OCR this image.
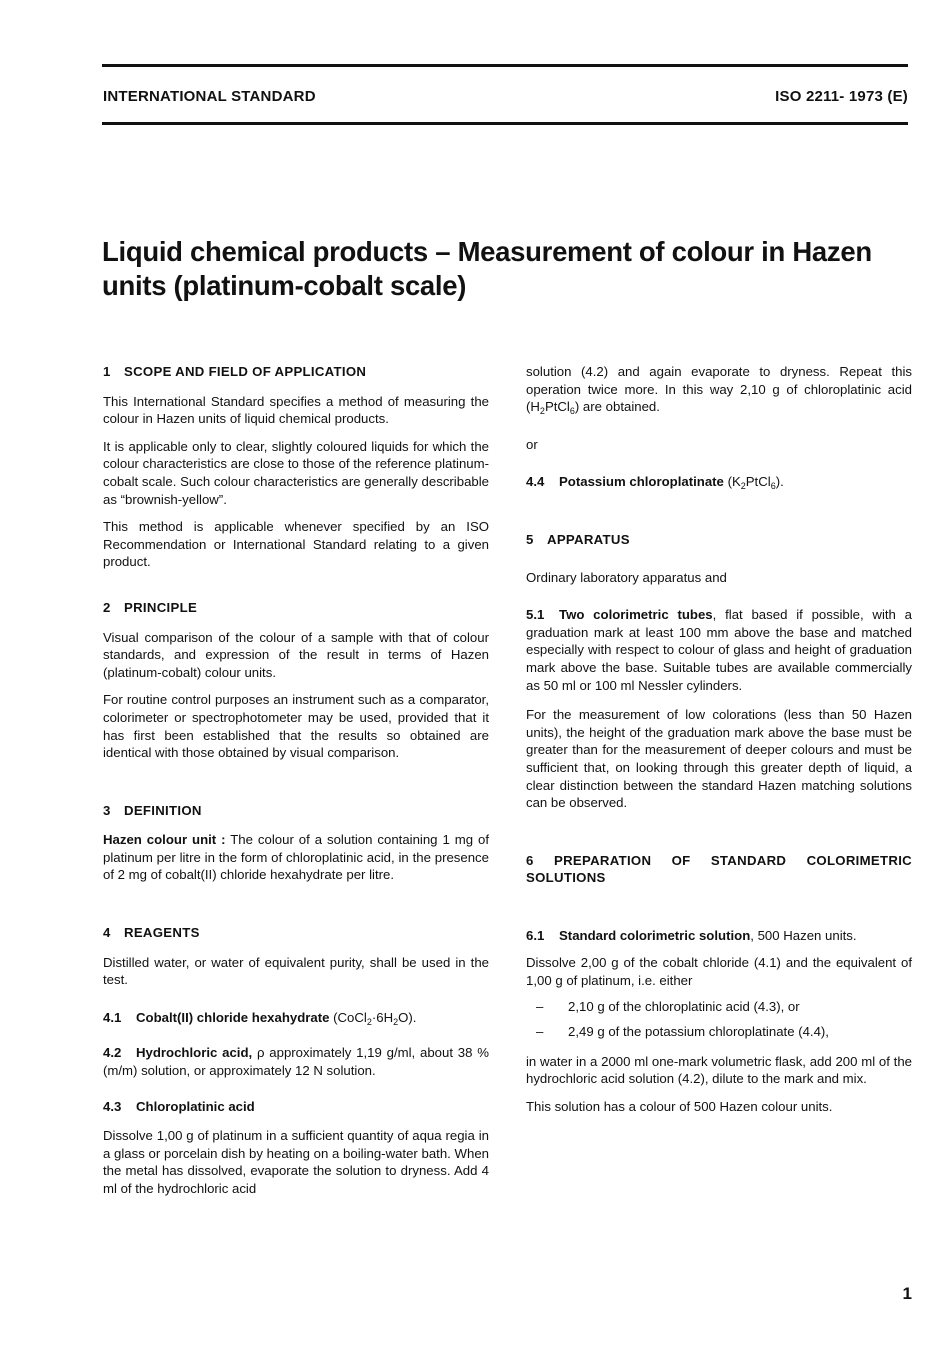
INTERNATIONAL STANDARD	ISO 2211- 1973 (E)
Liquid chemical products – Measurement of colour in Hazen units (platinum-cobalt scale)
1 SCOPE AND FIELD OF APPLICATION

This International Standard specifies a method of measuring the colour in Hazen units of liquid chemical products.

It is applicable only to clear, slightly coloured liquids for which the colour characteristics are close to those of the reference platinum-cobalt scale. Such colour characteristics are generally describable as “brownish-yellow”.

This method is applicable whenever specified by an ISO Recommendation or International Standard relating to a given product.

2 PRINCIPLE

Visual comparison of the colour of a sample with that of colour standards, and expression of the result in terms of Hazen (platinum-cobalt) colour units.

For routine control purposes an instrument such as a comparator, colorimeter or spectrophotometer may be used, provided that it has first been established that the results so obtained are identical with those obtained by visual comparison.

3 DEFINITION

Hazen colour unit : The colour of a solution containing 1 mg of platinum per litre in the form of chloroplatinic acid, in the presence of 2 mg of cobalt(II) chloride hexahydrate per litre.

4 REAGENTS

Distilled water, or water of equivalent purity, shall be used in the test.

4.1 Cobalt(II) chloride hexahydrate $(CoCl_2\cdot 6H_2O)$.

4.2 Hydrochloric acid, ρ approximately 1,19 g/ml, about 38 % (m/m) solution, or approximately 12 N solution.

4.3 Chloroplatinic acid

Dissolve 1,00 g of platinum in a sufficient quantity of aqua regia in a glass or porcelain dish by heating on a boiling-water bath. When the metal has dissolved, evaporate the solution to dryness. Add 4 ml of the hydrochloric acid

solution (4.2) and again evaporate to dryness. Repeat this operation twice more. In this way 2,10 g of chloroplatinic acid $(H_2PtCl_6)$ are obtained.

or

4.4 Potassium chloroplatinate $(K_2PtCl_6)$.

5 APPARATUS

Ordinary laboratory apparatus and

5.1 Two colorimetric tubes, flat based if possible, with a graduation mark at least 100 mm above the base and matched especially with respect to colour of glass and height of graduation mark above the base. Suitable tubes are available commercially as 50 ml or 100 ml Nessler cylinders.

For the measurement of low colorations (less than 50 Hazen units), the height of the graduation mark above the base must be greater than for the measurement of deeper colours and must be sufficient that, on looking through this greater depth of liquid, a clear distinction between the standard Hazen matching solutions can be observed.

6 PREPARATION OF STANDARD COLORIMETRIC SOLUTIONS

6.1 Standard colorimetric solution, 500 Hazen units.

Dissolve 2,00 g of the cobalt chloride (4.1) and the equivalent of 1,00 g of platinum, i.e. either

– 2,10 g of the chloroplatinic acid (4.3), or

– 2,49 g of the potassium chloroplatinate (4.4),

in water in a 2000 ml one-mark volumetric flask, add 200 ml of the hydrochloric acid solution (4.2), dilute to the mark and mix.

This solution has a colour of 500 Hazen colour units.

1
